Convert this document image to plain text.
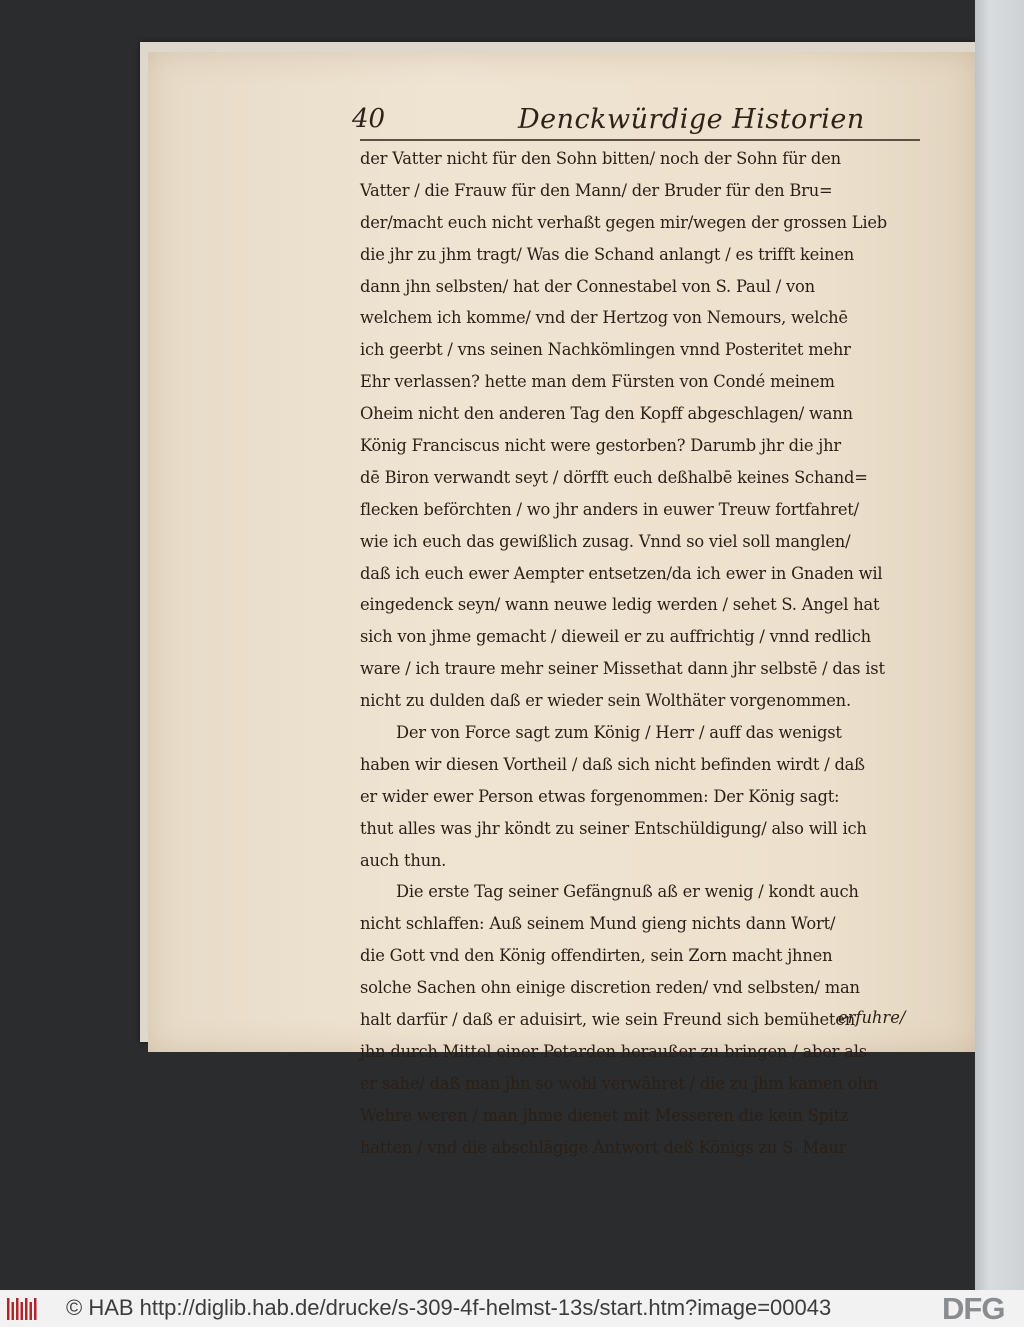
40	Denckwürdige Historien
der Vatter nicht für den Sohn bitten/ noch der Sohn für den
Vatter / die Frauw für den Mann/ der Bruder für den Bru=
der/macht euch nicht verhaßt gegen mir/wegen der grossen Lieb
die jhr zu jhm tragt/ Was die Schand anlangt / es trifft keinen
dann jhn selbsten/ hat der Connestabel von S. Paul / von
welchem ich komme/ vnd der Hertzog von Nemours, welchē
ich geerbt / vns seinen Nachkömlingen vnnd Posteritet mehr
Ehr verlassen? hette man dem Fürsten von Condé meinem
Oheim nicht den anderen Tag den Kopff abgeschlagen/ wann
König Franciscus nicht were gestorben? Darumb jhr die jhr
dē Biron verwandt seyt / dörfft euch deßhalbē keines Schand=
flecken beförchten / wo jhr anders in euwer Treuw fortfahret/
wie ich euch das gewißlich zusag. Vnnd so viel soll manglen/
daß ich euch ewer Aempter entsetzen/da ich ewer in Gnaden wil
eingedenck seyn/ wann neuwe ledig werden / sehet S. Angel hat
sich von jhme gemacht / dieweil er zu auffrichtig / vnnd redlich
ware / ich traure mehr seiner Missethat dann jhr selbstē / das ist
nicht zu dulden daß er wieder sein Wolthäter vorgenommen.
Der von Force sagt zum König / Herr / auff das wenigst
haben wir diesen Vortheil / daß sich nicht befinden wirdt / daß
er wider ewer Person etwas forgenommen: Der König sagt:
thut alles was jhr köndt zu seiner Entschüldigung/ also will ich
auch thun.
Die erste Tag seiner Gefängnuß aß er wenig / kondt auch
nicht schlaffen: Auß seinem Mund gieng nichts dann Wort/
die Gott vnd den König offendirten, sein Zorn macht jhnen
solche Sachen ohn einige discretion reden/ vnd selbsten/ man
halt darfür / daß er aduisirt, wie sein Freund sich bemüheten
jhn durch Mittel einer Petarden heraußer zu bringen / aber als
er sahe/ daß man jhn so wohl verwähret / die zu jhm kamen ohn
Wehre weren / man jhme dienet mit Messeren die kein Spitz
hatten / vnd die abschlägige Antwort deß Königs zu S. Maur
erfuhre/
© HAB http://diglib.hab.de/drucke/s-309-4f-helmst-13s/start.htm?image=00043	DFG
